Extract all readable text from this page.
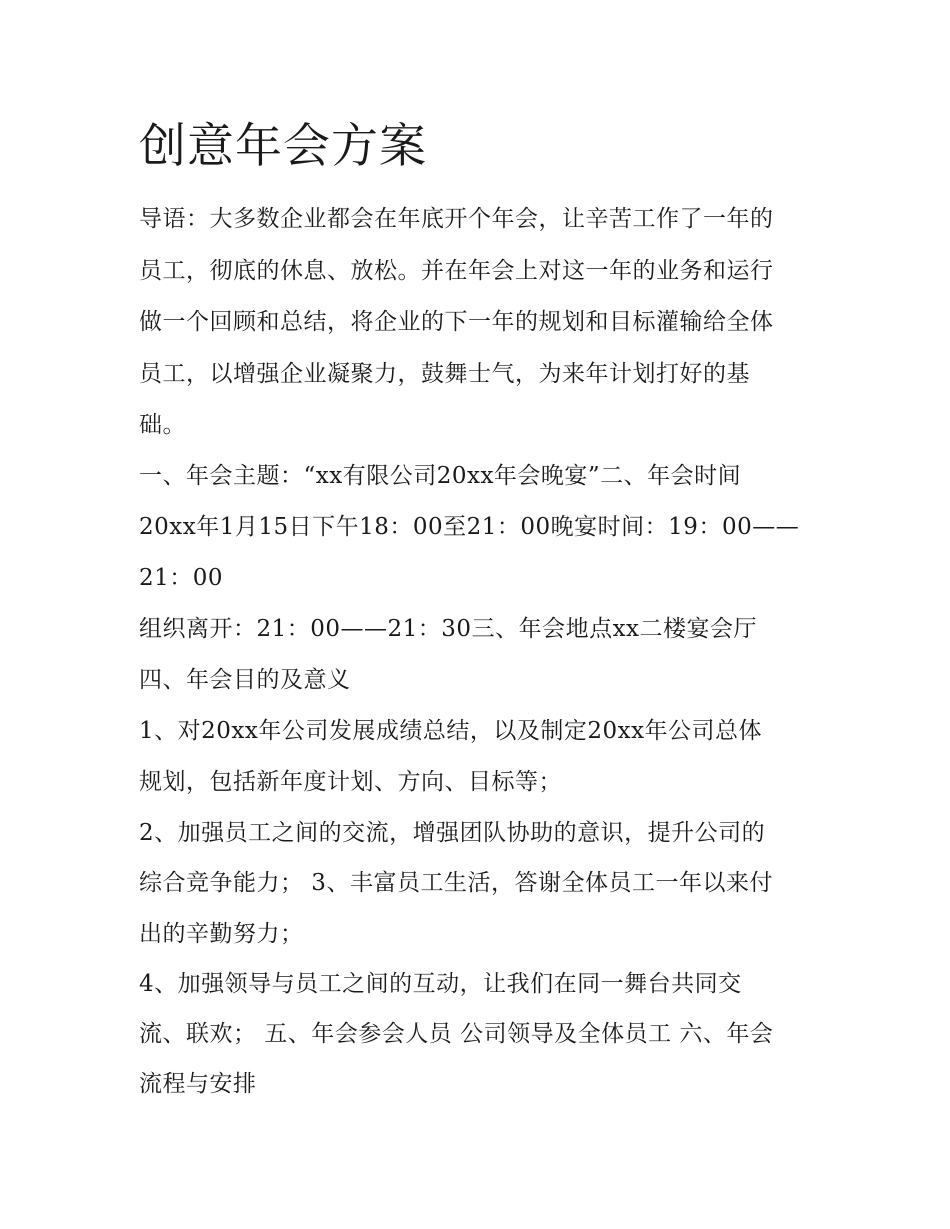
创意年会方案

导语：大多数企业都会在年底开个年会，让辛苦工作了一年的

员工，彻底的休息、放松。并在年会上对这一年的业务和运行

做一个回顾和总结，将企业的下一年的规划和目标灌输给全体

员工，以增强企业凝聚力，鼓舞士气，为来年计划打好的基

础。

一、年会主题：“xx有限公司20xx年会晚宴”二、年会时间

20xx年1月15日下午18：00至21：00晚宴时间：19：00——

21：00

组织离开：21：00——21：30三、年会地点xx二楼宴会厅

四、年会目的及意义

1、对20xx年公司发展成绩总结，以及制定20xx年公司总体

规划，包括新年度计划、方向、目标等；

2、加强员工之间的交流，增强团队协助的意识，提升公司的

综合竞争能力； 3、丰富员工生活，答谢全体员工一年以来付

出的辛勤努力；

4、加强领导与员工之间的互动，让我们在同一舞台共同交

流、联欢； 五、年会参会人员 公司领导及全体员工 六、年会

流程与安排
